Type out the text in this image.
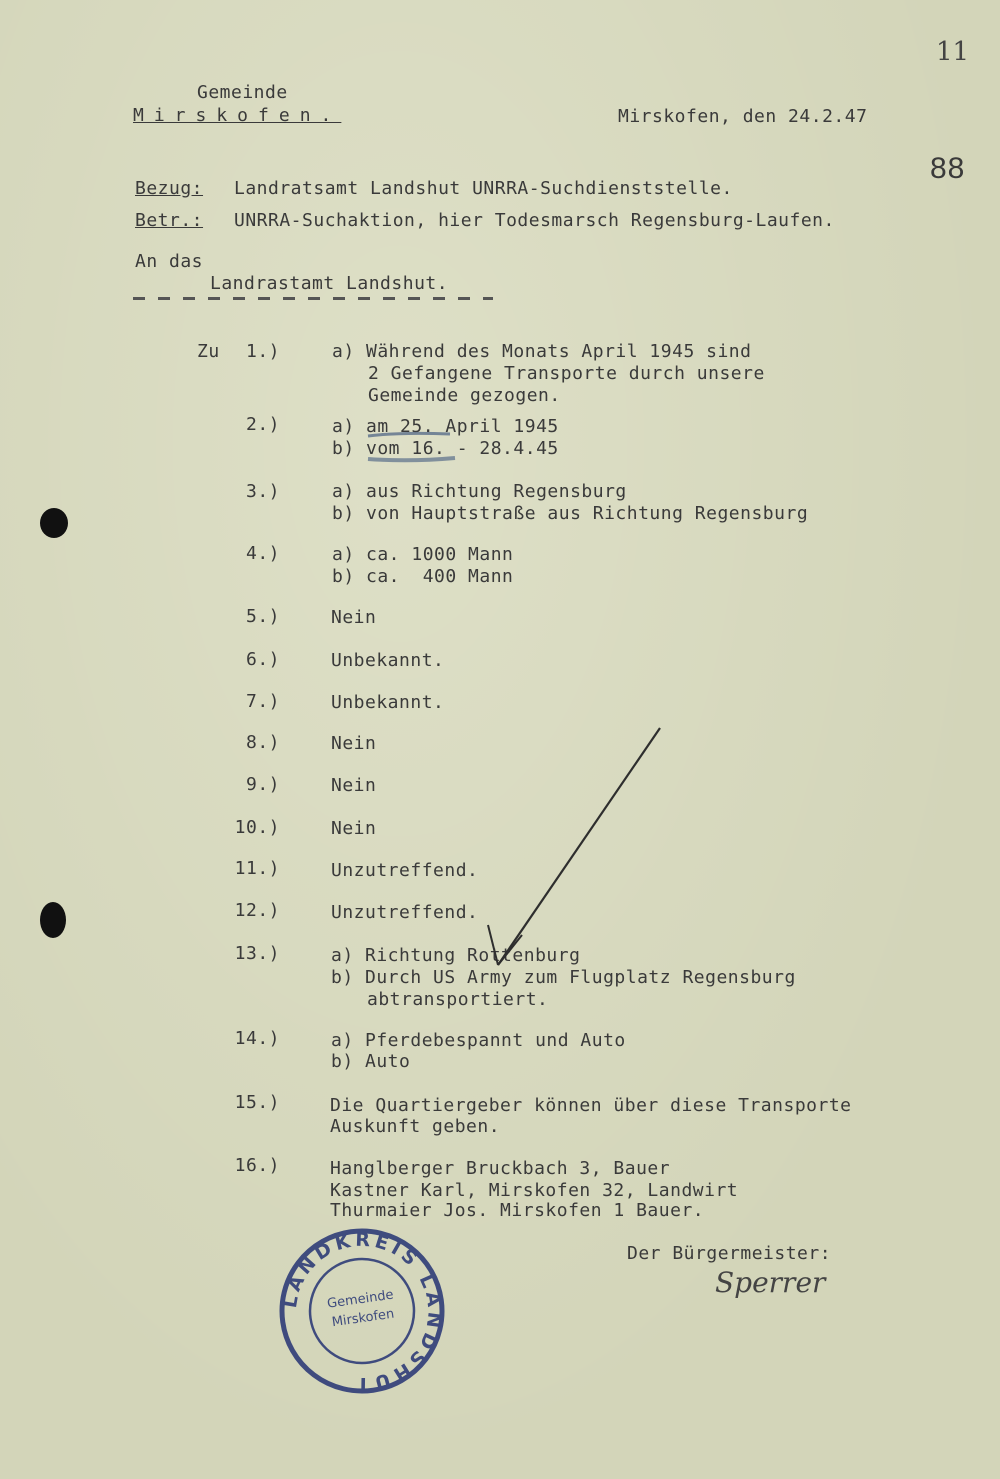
11
88
Gemeinde
Mirskofen.	Mirskofen, den 24.2.47
Bezug: Landratsamt Landshut UNRRA-Suchdienststelle.
Betr.: UNRRA-Suchaktion, hier Todesmarsch Regensburg-Laufen.
An das
Landrastamt Landshut.
Zu	1.)	a) Während des Monats April 1945 sind
2 Gefangene Transporte durch unsere
Gemeinde gezogen.
2.)	a) am 25. April 1945
b) vom 16. - 28.4.45
3.)	a) aus Richtung Regensburg
b) von Hauptstraße aus Richtung Regensburg
4.)	a) ca. 1000 Mann
b) ca.  400 Mann
5.)	Nein
6.)	Unbekannt.
7.)	Unbekannt.
8.)	Nein
9.)	Nein
10.)	Nein
11.)	Unzutreffend.
12.)	Unzutreffend.
13.)	a) Richtung Rottenburg
b) Durch US Army zum Flugplatz Regensburg
abtransportiert.
14.)	a) Pferdebespannt und Auto
b) Auto
15.)	Die Quartiergeber können über diese Transporte
Auskunft geben.
16.)	Hanglberger Bruckbach 3, Bauer
Kastner Karl, Mirskofen 32, Landwirt
Thurmaier Jos. Mirskofen 1 Bauer.
Der Bürgermeister:
Sperrer
LANDKREIS LANDSHUT
Gemeinde
Mirskofen
